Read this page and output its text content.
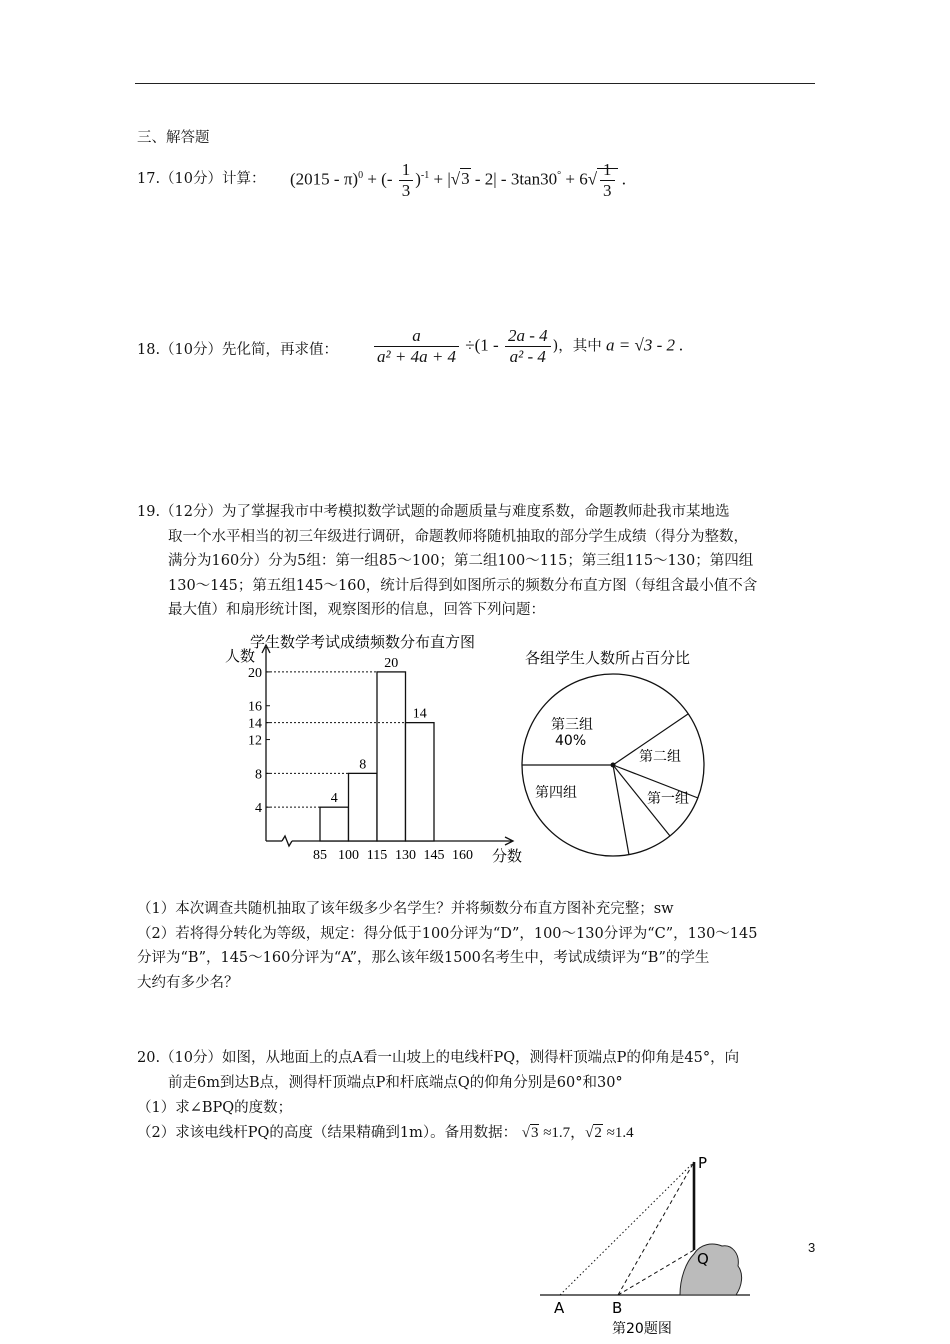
三、解答题
17.（10分）计算： (2015 - π)$^0$ + (- $\frac{1}{3} )^{-1} + |√3 - 2| - 3\tan 30^\circ + 6√ \frac{1}{3}$ .
18.（10分）先化简，再求值： $\frac{a}{\text{a² + 4a + 4}} \div(1 - \frac{2a - 4}{\text{a² - 4}}$ )，其中 a = √3 - 2 .
19.（12分）为了掌握我市中考模拟数学试题的命题质量与难度系数，命题教师赴我市某地选
取一个水平相当的初三年级进行调研，命题教师将随机抽取的部分学生成绩（得分为整数，
满分为160分）分为5组：第一组85～100；第二组100～115；第三组115～130；第四组
130～145；第五组145～160，统计后得到如图所示的频数分布直方图（每组含最小值不含
最大值）和扇形统计图，观察图形的信息，回答下列问题：
学生数学考试成绩频数分布直方图
人数
分数
4
8
12
14
16
20
85 100 115 130 145 160
4
8
20
14
各组学生人数所占百分比
第三组
40%
第二组
第一组
第四组
（1）本次调查共随机抽取了该年级多少名学生？并将频数分布直方图补充完整；sw
（2）若将得分转化为等级，规定：得分低于100分评为“D”，100～130分评为“C”，130～145
分评为“B”，145～160分评为“A”，那么该年级1500名考生中，考试成绩评为“B”的学生
大约有多少名？
20.（10分）如图，从地面上的点A看一山坡上的电线杆PQ，测得杆顶端点P的仰角是45°，向
前走6m到达B点，测得杆顶端点P和杆底端点Q的仰角分别是60°和30°
（1）求∠BPQ的度数；
（2）求该电线杆PQ的高度（结果精确到1m）。备用数据： √3 ≈1.7，√2 ≈1.4
P
Q
A	B
第20题图
3
